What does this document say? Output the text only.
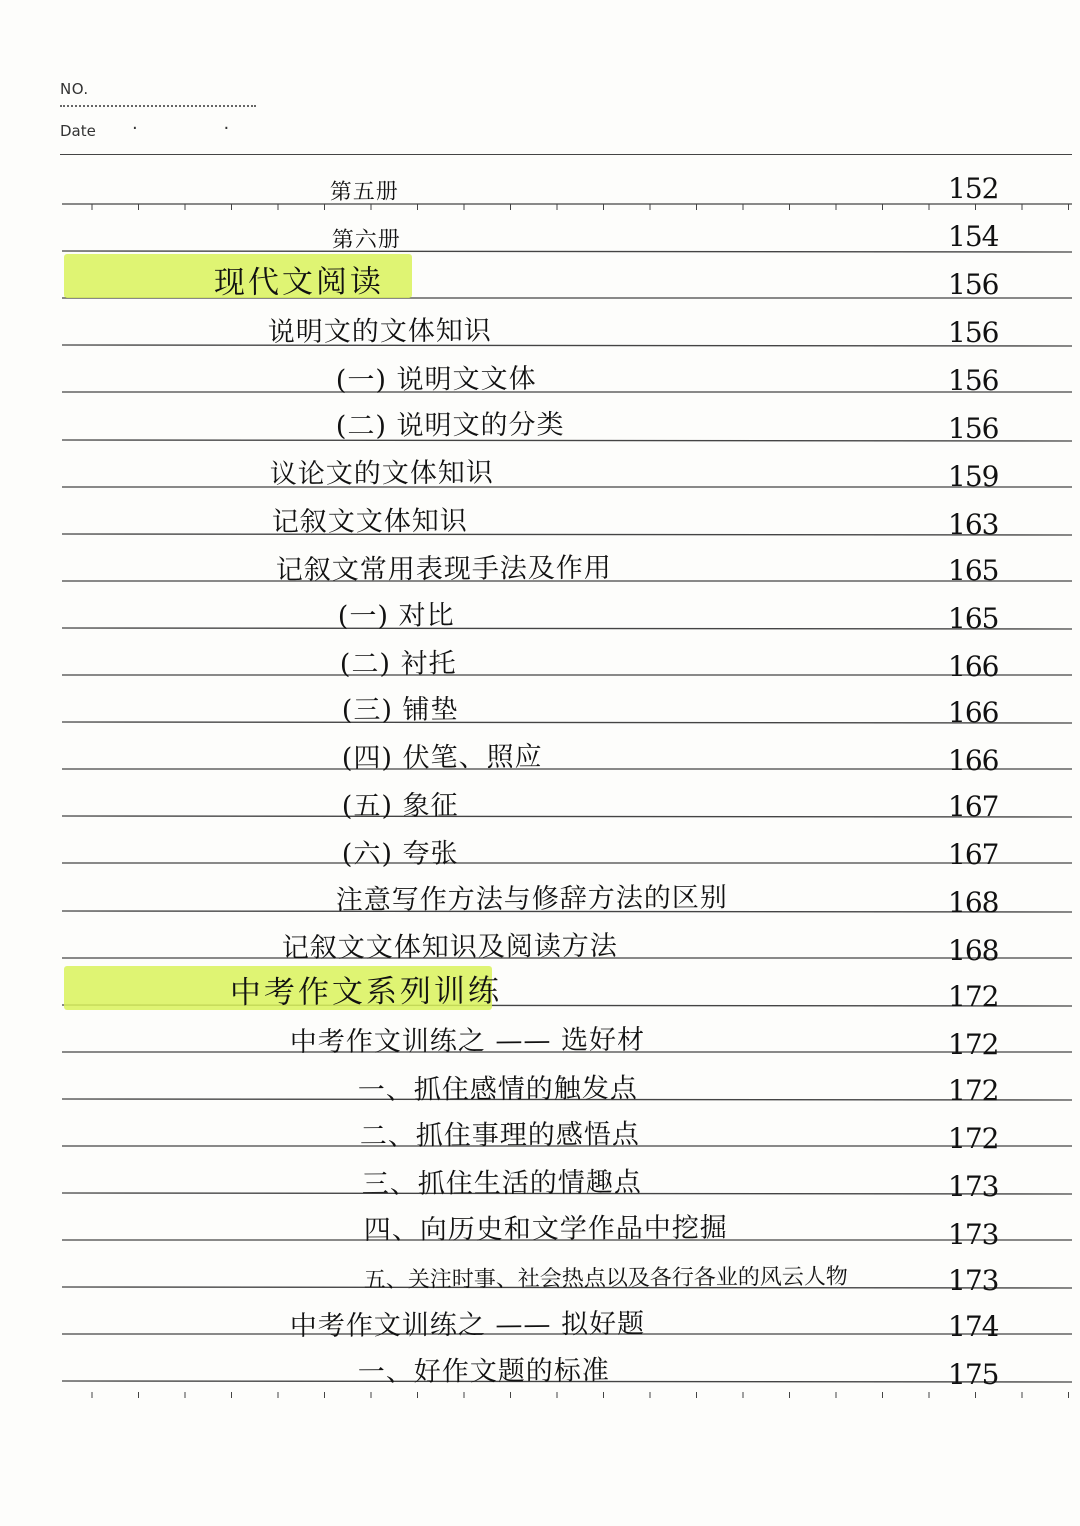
NO.
Date · ·
第五册	152
第六册	154
现代文阅读	156
说明文的文体知识	156
(一) 说明文文体	156
(二) 说明文的分类	156
议论文的文体知识	159
记叙文文体知识	163
记叙文常用表现手法及作用	165
(一) 对比	165
(二) 衬托	166
(三) 铺垫	166
(四) 伏笔、照应	166
(五) 象征	167
(六) 夸张	167
注意写作方法与修辞方法的区别	168
记叙文文体知识及阅读方法	168
中考作文系列训练	172
中考作文训练之 —— 选好材	172
一、抓住感情的触发点	172
二、抓住事理的感悟点	172
三、抓住生活的情趣点	173
四、向历史和文学作品中挖掘	173
五、关注时事、社会热点以及各行各业的风云人物	173
中考作文训练之 —— 拟好题	174
一、好作文题的标准	175
